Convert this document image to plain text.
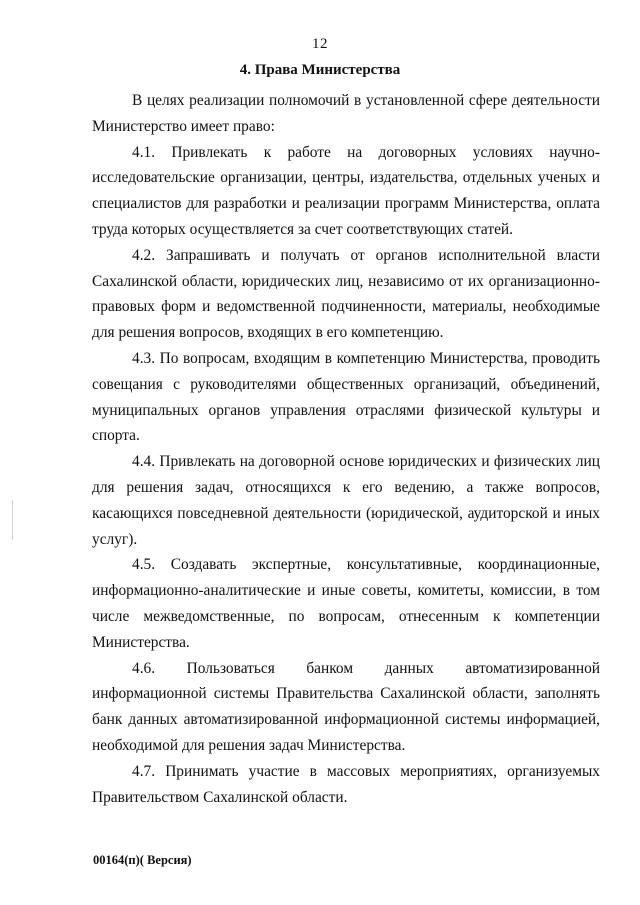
12
4. Права Министерства

В целях реализации полномочий в установленной сфере деятельности Министерство имеет право:

4.1. Привлекать к работе на договорных условиях научно-исследовательские организации, центры, издательства, отдельных ученых и специалистов для разработки и реализации программ Министерства, оплата труда которых осуществляется за счет соответствующих статей.

4.2. Запрашивать и получать от органов исполнительной власти Сахалинской области, юридических лиц, независимо от их организационно-правовых форм и ведомственной подчиненности, материалы, необходимые для решения вопросов, входящих в его компетенцию.

4.3. По вопросам, входящим в компетенцию Министерства, проводить совещания с руководителями общественных организаций, объединений, муниципальных органов управления отраслями физической культуры и спорта.

4.4. Привлекать на договорной основе юридических и физических лиц для решения задач, относящихся к его ведению, а также вопросов, касающихся повседневной деятельности (юридической, аудиторской и иных услуг).

4.5. Создавать экспертные, консультативные, координационные, информационно-аналитические и иные советы, комитеты, комиссии, в том числе межведомственные, по вопросам, отнесенным к компетенции Министерства.

4.6. Пользоваться банком данных автоматизированной информационной системы Правительства Сахалинской области, заполнять банк данных автоматизированной информационной системы информацией, необходимой для решения задач Министерства.

4.7. Принимать участие в массовых мероприятиях, организуемых Правительством Сахалинской области.

00164(п)( Версия)
